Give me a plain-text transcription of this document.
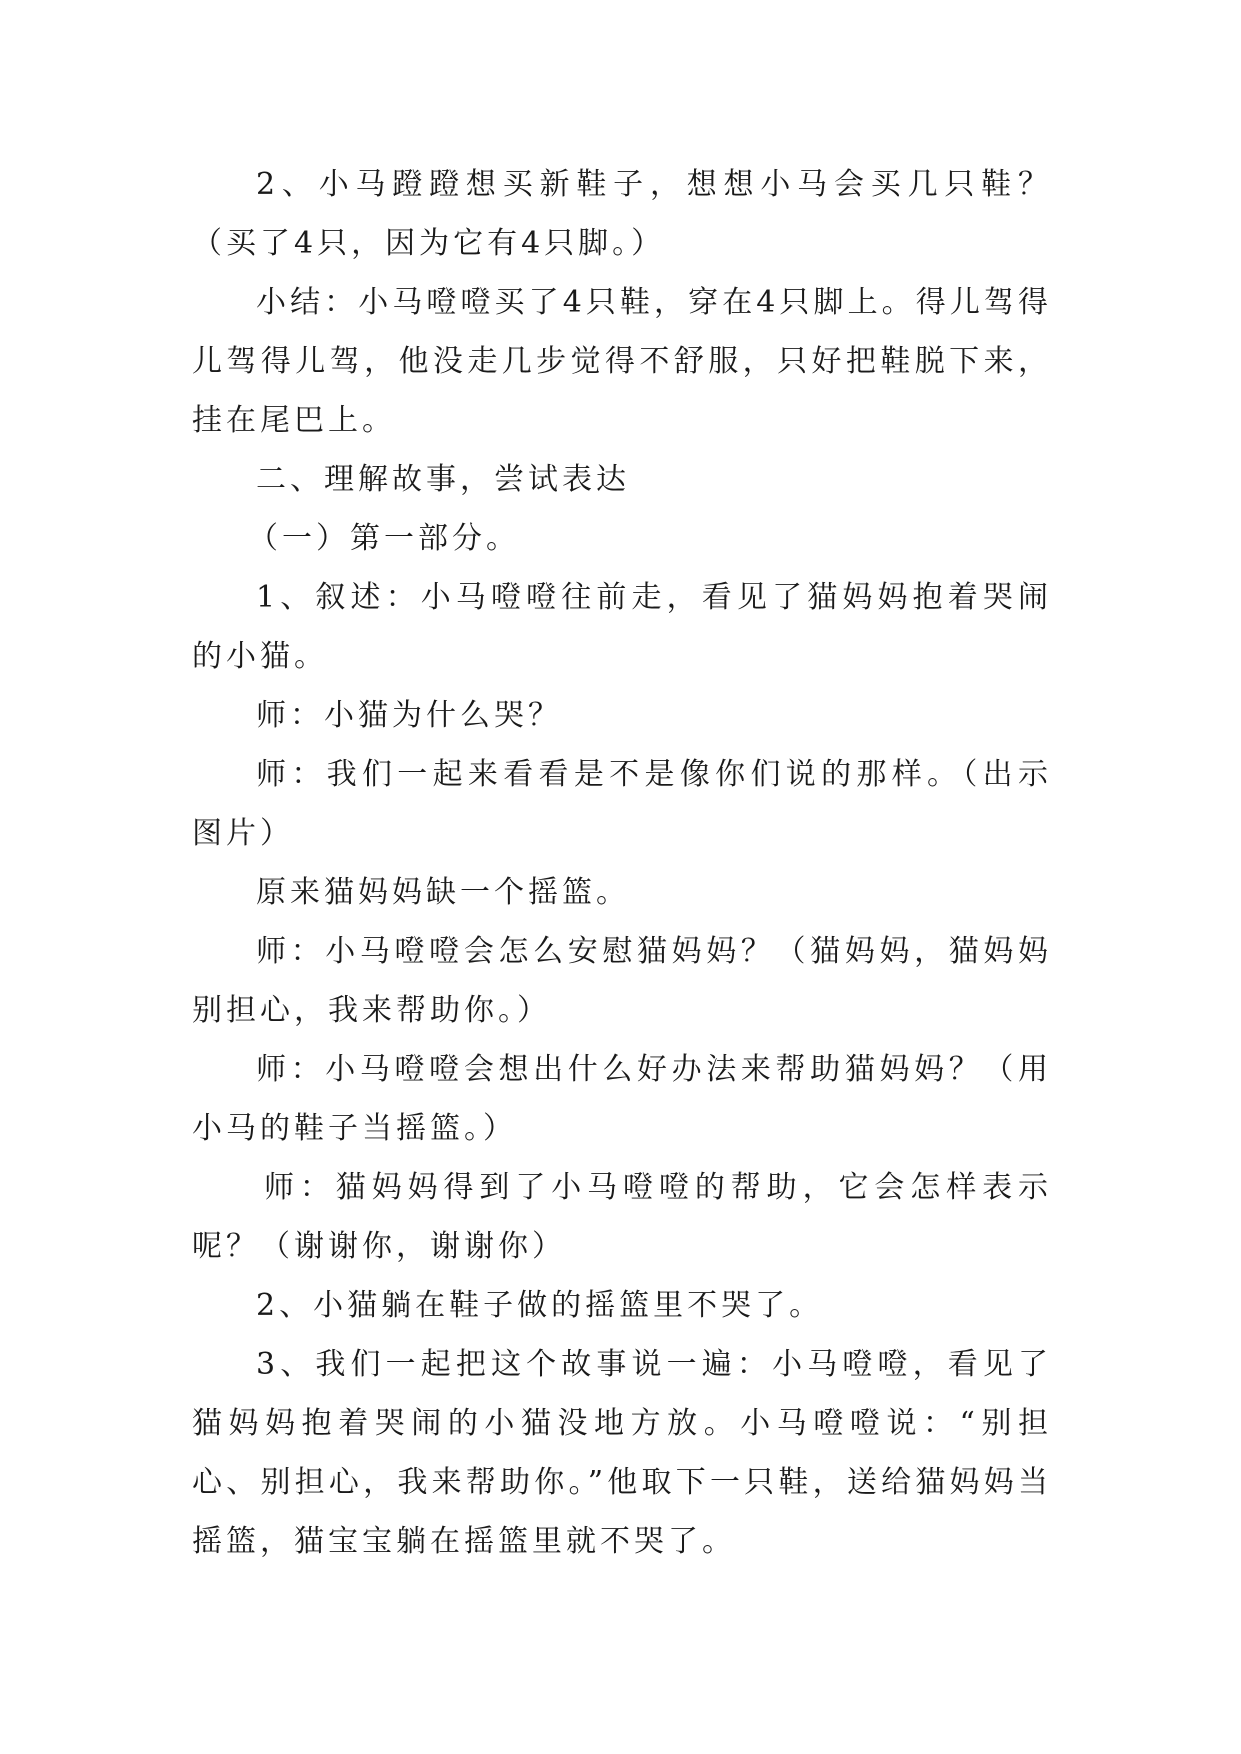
2、小马蹬蹬想买新鞋子，想想小马会买几只鞋？（买了4只，因为它有4只脚。）

小结：小马噔噔买了4只鞋，穿在4只脚上。得儿驾得儿驾得儿驾，他没走几步觉得不舒服，只好把鞋脱下来，挂在尾巴上。

二、理解故事，尝试表达

（一）第一部分。

1、叙述：小马噔噔往前走，看见了猫妈妈抱着哭闹的小猫。

师：小猫为什么哭？

师：我们一起来看看是不是像你们说的那样。（出示图片）

原来猫妈妈缺一个摇篮。

师：小马噔噔会怎么安慰猫妈妈？（猫妈妈，猫妈妈别担心，我来帮助你。）

师：小马噔噔会想出什么好办法来帮助猫妈妈？（用小马的鞋子当摇篮。）

师：猫妈妈得到了小马噔噔的帮助，它会怎样表示呢？（谢谢你，谢谢你）

2、小猫躺在鞋子做的摇篮里不哭了。

3、我们一起把这个故事说一遍：小马噔噔，看见了猫妈妈抱着哭闹的小猫没地方放。小马噔噔说：“别担心、别担心，我来帮助你。”他取下一只鞋，送给猫妈妈当摇篮，猫宝宝躺在摇篮里就不哭了。
